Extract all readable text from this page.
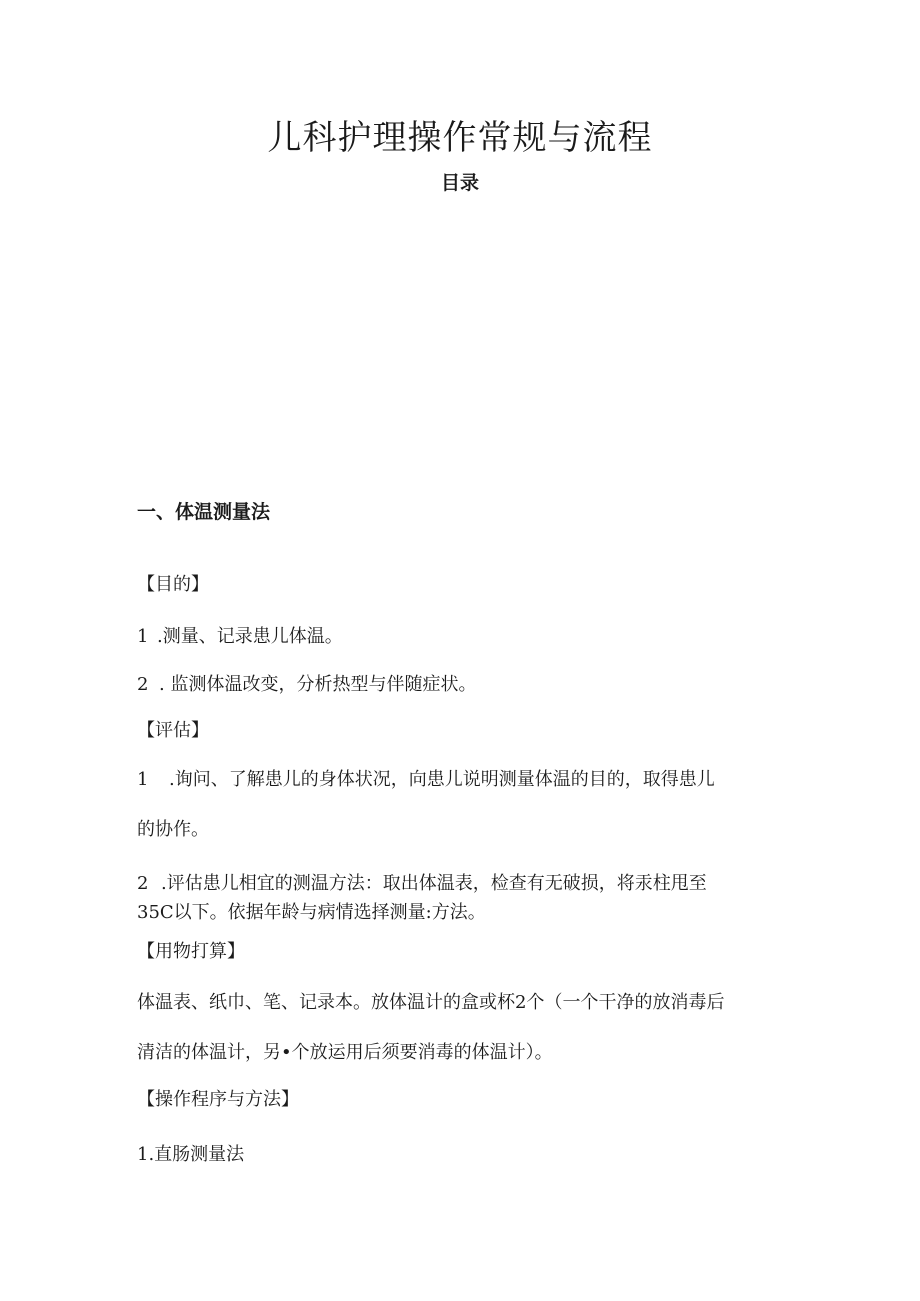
儿科护理操作常规与流程
目录
一、体温测量法
【目的】
1 .测量、记录患儿体温。
2 . 监测体温改变，分析热型与伴随症状。
【评估】
1 .询问、了解患儿的身体状况，向患儿说明测量体温的目的，取得患儿
的协作。
2 .评估患儿相宜的测温方法：取出体温表，检查有无破损，将汞柱甩至
35C以下。依据年龄与病情选择测量:方法。
【用物打算】
体温表、纸巾、笔、记录本。放体温计的盒或杯2个（一个干净的放消毒后
清洁的体温计，另•个放运用后须要消毒的体温计）。
【操作程序与方法】
1.直肠测量法
